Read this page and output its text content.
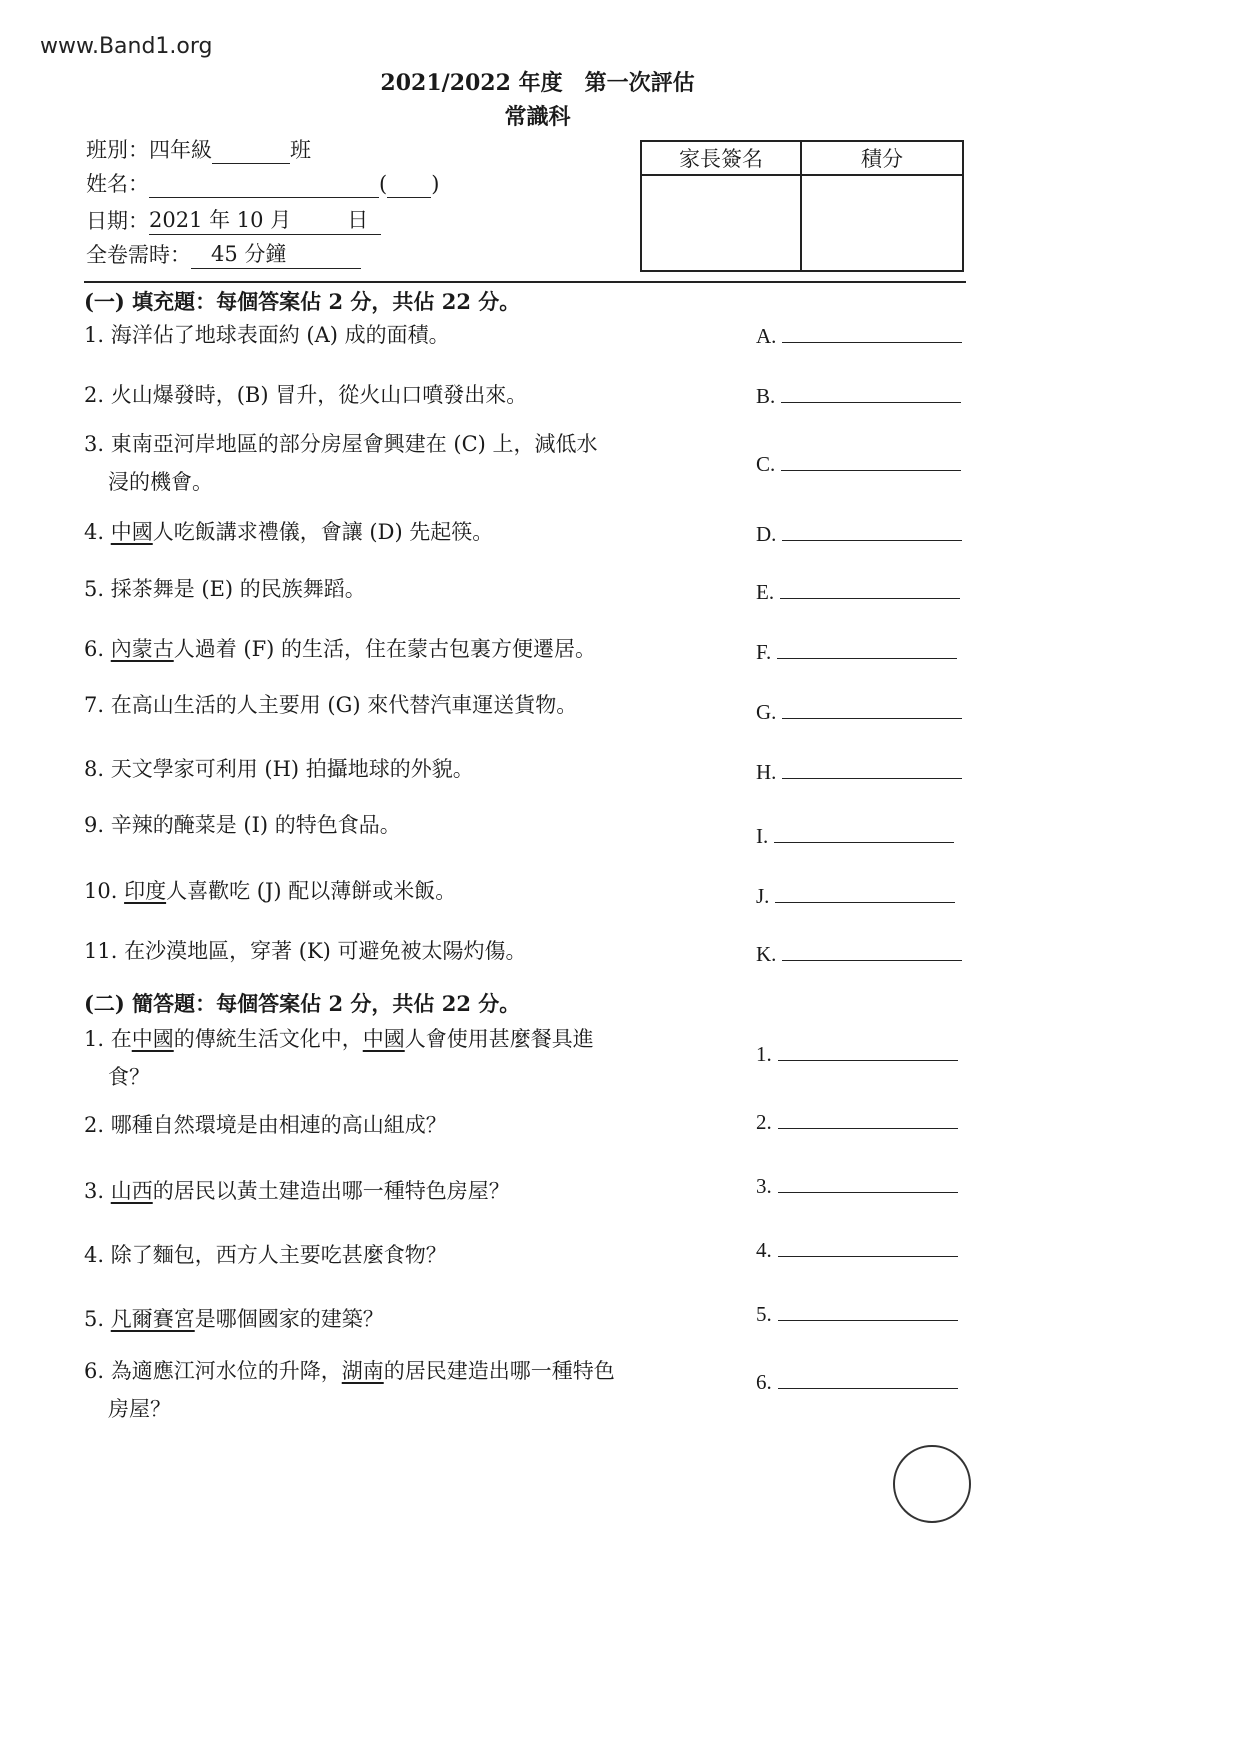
www.Band1.org
2021/2022 年度　第一次評估
常識科
班別：四年級	班
姓名：	( )
日期：2021 年 10 月	日
全卷需時： 45 分鐘
家長簽名	積分
(一) 填充題：每個答案佔 2 分，共佔 22 分。
1. 海洋佔了地球表面約 (A) 成的面積。	A.
2. 火山爆發時，(B) 冒升，從火山口噴發出來。	B.
3. 東南亞河岸地區的部分房屋會興建在 (C) 上，減低水
浸的機會。
C.
4. 中國人吃飯講求禮儀，會讓 (D) 先起筷。	D.
5. 採茶舞是 (E) 的民族舞蹈。	E.
6. 內蒙古人過着 (F) 的生活，住在蒙古包裏方便遷居。	F.
7. 在高山生活的人主要用 (G) 來代替汽車運送貨物。	G.
8. 天文學家可利用 (H) 拍攝地球的外貌。	H.
9. 辛辣的醃菜是 (I) 的特色食品。	I.
10. 印度人喜歡吃 (J) 配以薄餅或米飯。	J.
11. 在沙漠地區，穿著 (K) 可避免被太陽灼傷。	K.
(二) 簡答題：每個答案佔 2 分，共佔 22 分。
1. 在中國的傳統生活文化中，中國人會使用甚麼餐具進
食？
1.
2. 哪種自然環境是由相連的高山組成？	2.
3. 山西的居民以黃土建造出哪一種特色房屋？	3.
4. 除了麵包，西方人主要吃甚麼食物？	4.
5. 凡爾賽宮是哪個國家的建築？	5.
6. 為適應江河水位的升降，湖南的居民建造出哪一種特色
房屋？
6.
